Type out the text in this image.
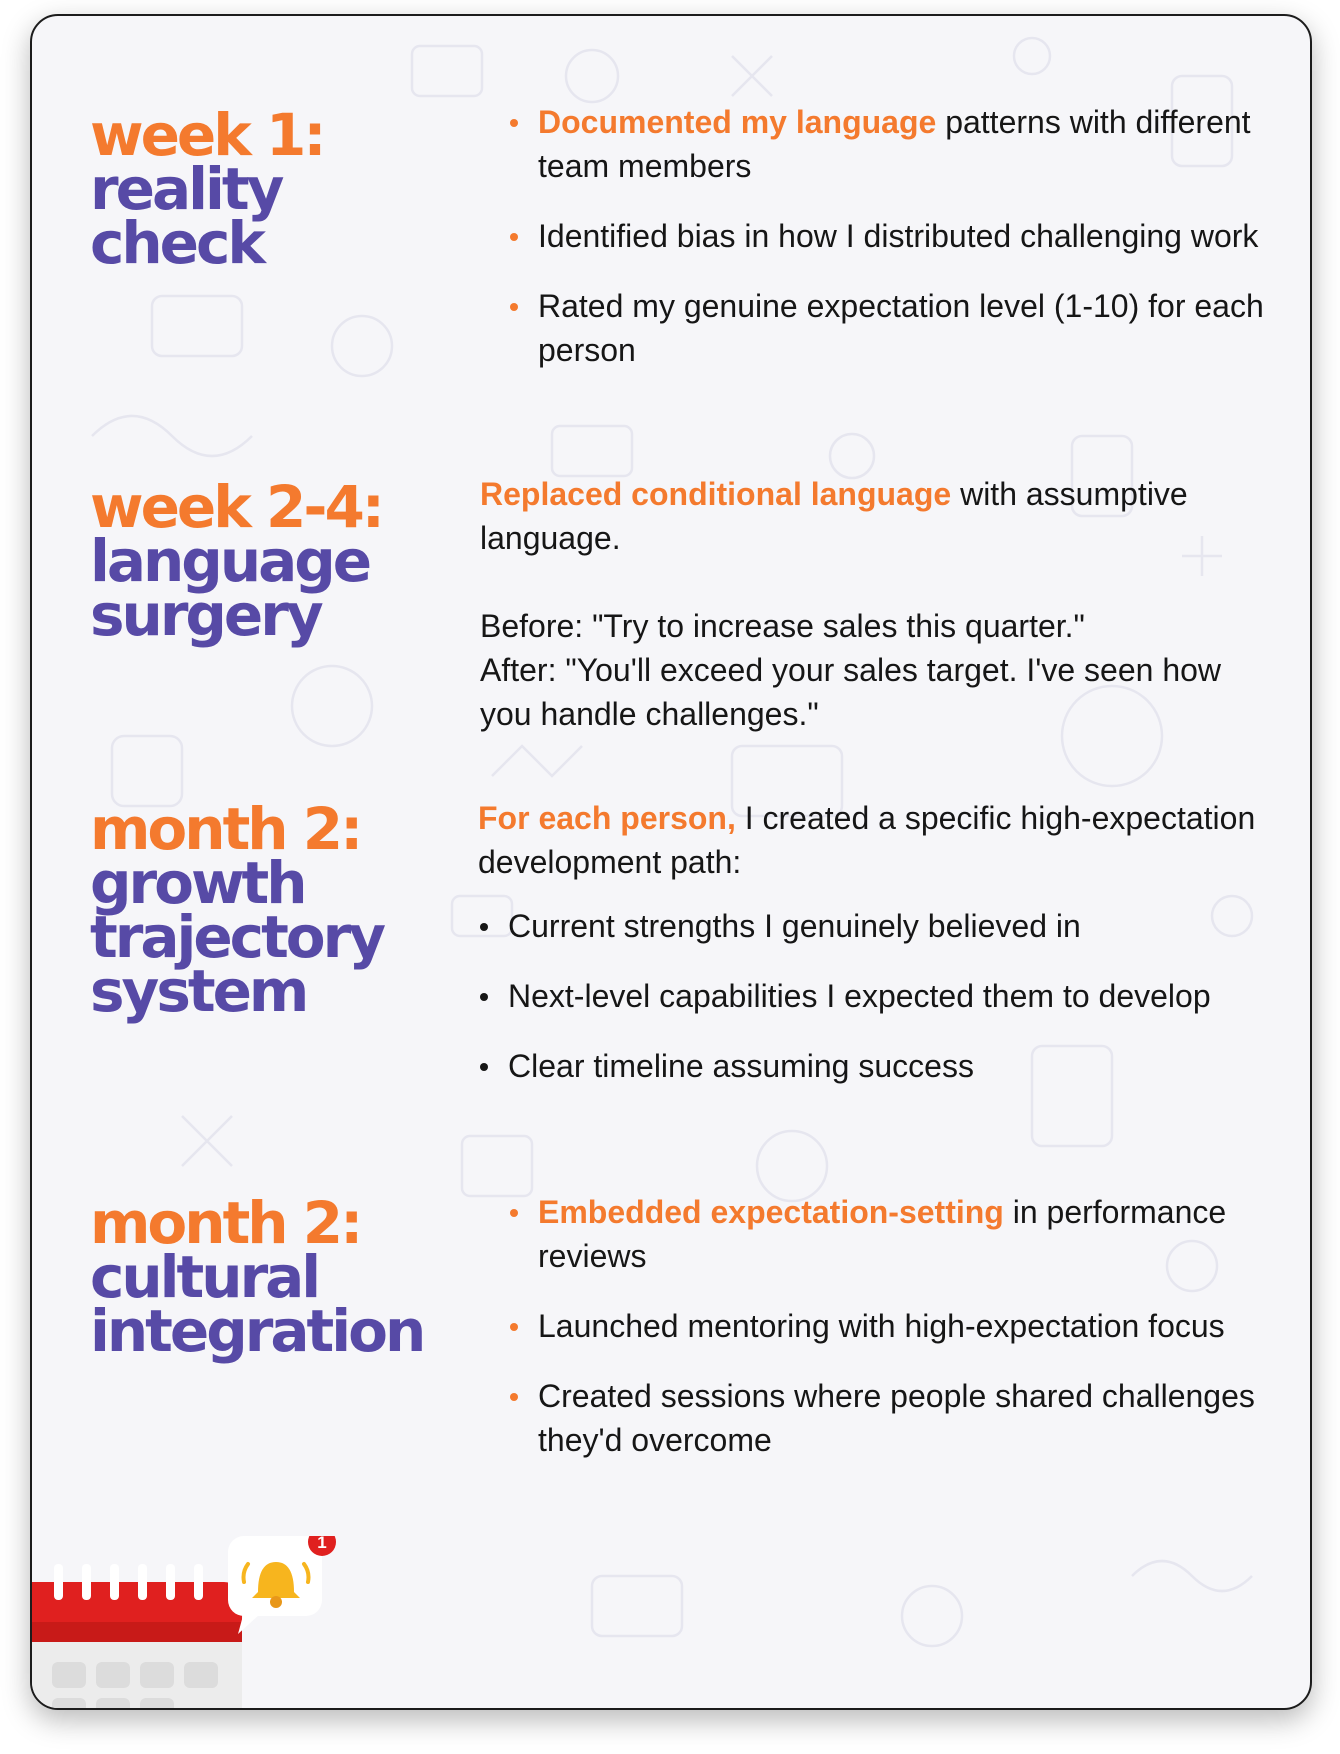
week 1:
reality
check
Documented my language patterns with different team members
Identified bias in how I distributed challenging work
Rated my genuine expectation level (1-10) for each person
week 2-4:
language
surgery

Replaced conditional language with assumptive language.

Before: "Try to increase sales this quarter."

After: "You'll exceed your sales target. I've seen how you handle challenges."

month 2:
growth
trajectory
system

For each person, I created a specific high-expectation development path:

Current strengths I genuinely believed in
Next-level capabilities I expected them to develop
Clear timeline assuming success
month 2:
cultural
integration
Embedded expectation-setting in performance reviews
Launched mentoring with high-expectation focus
Created sessions where people shared challenges they'd overcome
1
